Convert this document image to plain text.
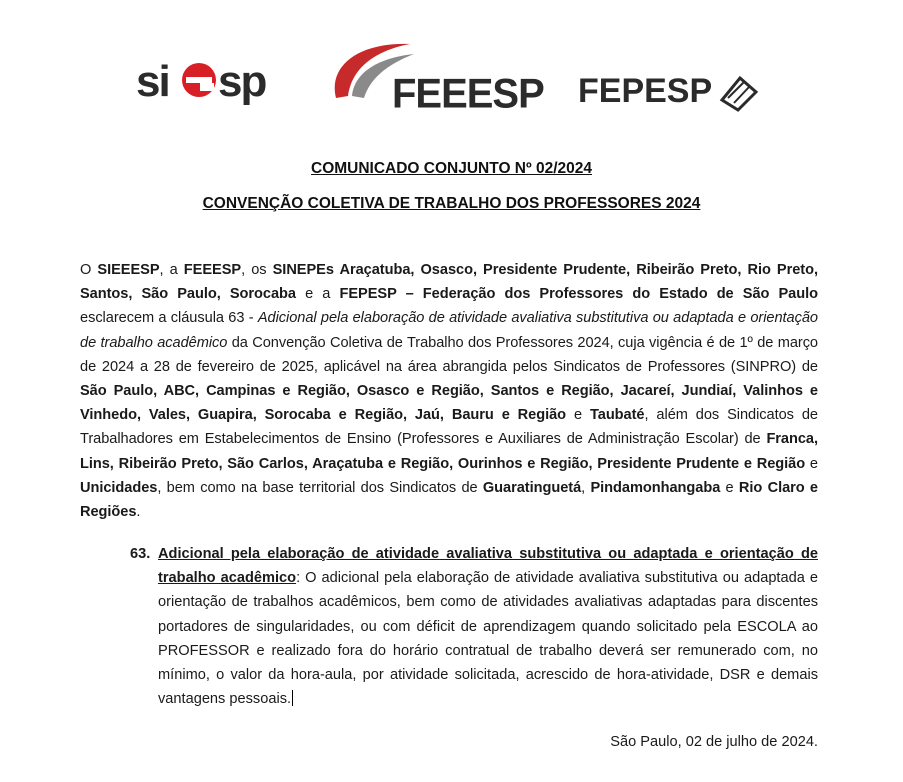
si sp	FEEESP FEPESP
COMUNICADO CONJUNTO Nº 02/2024
CONVENÇÃO COLETIVA DE TRABALHO DOS PROFESSORES 2024
O SIEEESP, a FEEESP, os SINEPEs Araçatuba, Osasco, Presidente Prudente, Ribeirão Preto, Rio Preto, Santos, São Paulo, Sorocaba e a FEPESP – Federação dos Professores do Estado de São Paulo esclarecem a cláusula 63 - Adicional pela elaboração de atividade avaliativa substitutiva ou adaptada e orientação de trabalho acadêmico da Convenção Coletiva de Trabalho dos Professores 2024, cuja vigência é de 1º de março de 2024 a 28 de fevereiro de 2025, aplicável na área abrangida pelos Sindicatos de Professores (SINPRO) de São Paulo, ABC, Campinas e Região, Osasco e Região, Santos e Região, Jacareí, Jundiaí, Valinhos e Vinhedo, Vales, Guapira, Sorocaba e Região, Jaú, Bauru e Região e Taubaté, além dos Sindicatos de Trabalhadores em Estabelecimentos de Ensino (Professores e Auxiliares de Administração Escolar) de Franca, Lins, Ribeirão Preto, São Carlos, Araçatuba e Região, Ourinhos e Região, Presidente Prudente e Região e Unicidades, bem como na base territorial dos Sindicatos de Guaratinguetá, Pindamonhangaba e Rio Claro e Regiões.
63. Adicional pela elaboração de atividade avaliativa substitutiva ou adaptada e orientação de trabalho acadêmico: O adicional pela elaboração de atividade avaliativa substitutiva ou adaptada e orientação de trabalhos acadêmicos, bem como de atividades avaliativas adaptadas para discentes portadores de singularidades, ou com déficit de aprendizagem quando solicitado pela ESCOLA ao PROFESSOR e realizado fora do horário contratual de trabalho deverá ser remunerado com, no mínimo, o valor da hora-aula, por atividade solicitada, acrescido de hora-atividade, DSR e demais vantagens pessoais.
São Paulo, 02 de julho de 2024.
